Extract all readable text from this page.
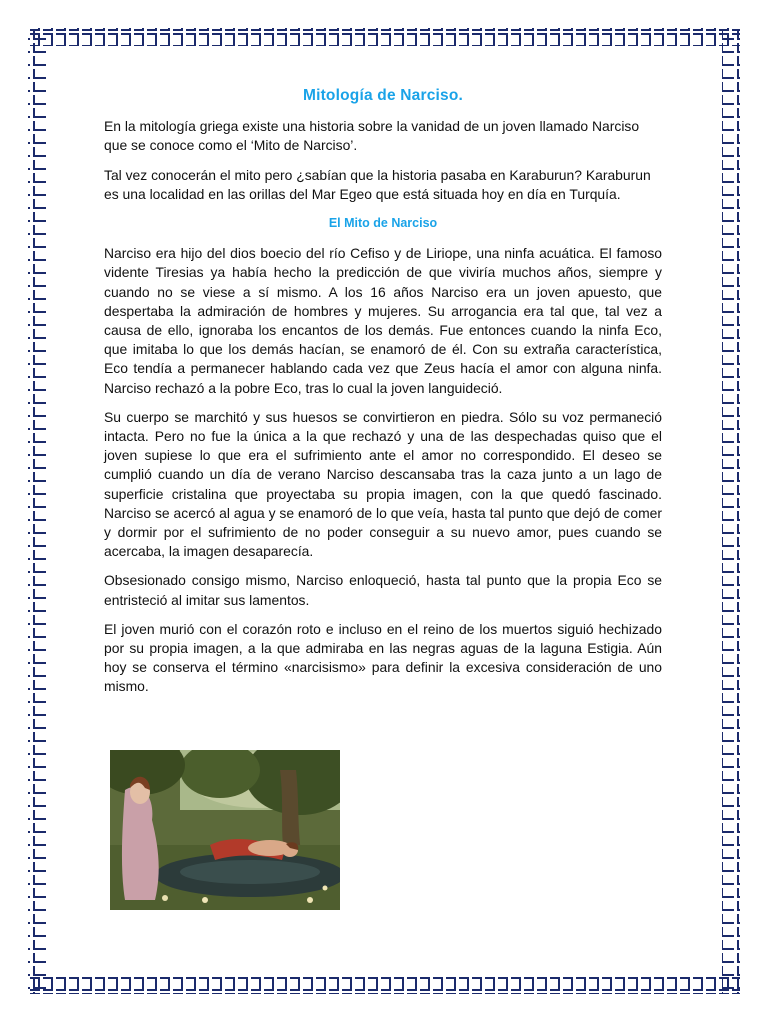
Mitología de Narciso.

En la mitología griega existe una historia sobre la vanidad de un joven llamado Narciso que se conoce como el ‘Mito de Narciso’.

Tal vez conocerán el mito pero ¿sabían que la historia pasaba en Karaburun? Karaburun es una localidad en las orillas del Mar Egeo que está situada hoy en día en Turquía.

El Mito de Narciso

Narciso era hijo del dios boecio del río Cefiso y de Liriope, una ninfa acuática. El famoso vidente Tiresias ya había hecho la predicción de que viviría muchos años, siempre y cuando no se viese a sí mismo. A los 16 años Narciso era un joven apuesto, que despertaba la admiración de hombres y mujeres. Su arrogancia era tal que, tal vez a causa de ello, ignoraba los encantos de los demás. Fue entonces cuando la ninfa Eco, que imitaba lo que los demás hacían, se enamoró de él. Con su extraña característica, Eco tendía a permanecer hablando cada vez que Zeus hacía el amor con alguna ninfa. Narciso rechazó a la pobre Eco, tras lo cual la joven languideció.

Su cuerpo se marchitó y sus huesos se convirtieron en piedra. Sólo su voz permaneció intacta. Pero no fue la única a la que rechazó y una de las despechadas quiso que el joven supiese lo que era el sufrimiento ante el amor no correspondido. El deseo se cumplió cuando un día de verano Narciso descansaba tras la caza junto a un lago de superficie cristalina que proyectaba su propia imagen, con la que quedó fascinado. Narciso se acercó al agua y se enamoró de lo que veía, hasta tal punto que dejó de comer y dormir por el sufrimiento de no poder conseguir a su nuevo amor, pues cuando se acercaba, la imagen desaparecía.

Obsesionado consigo mismo, Narciso enloqueció, hasta tal punto que la propia Eco se entristeció al imitar sus lamentos.

El joven murió con el corazón roto e incluso en el reino de los muertos siguió hechizado por su propia imagen, a la que admiraba en las negras aguas de la laguna Estigia. Aún hoy se conserva el término «narcisismo» para definir la excesiva consideración de uno mismo.
